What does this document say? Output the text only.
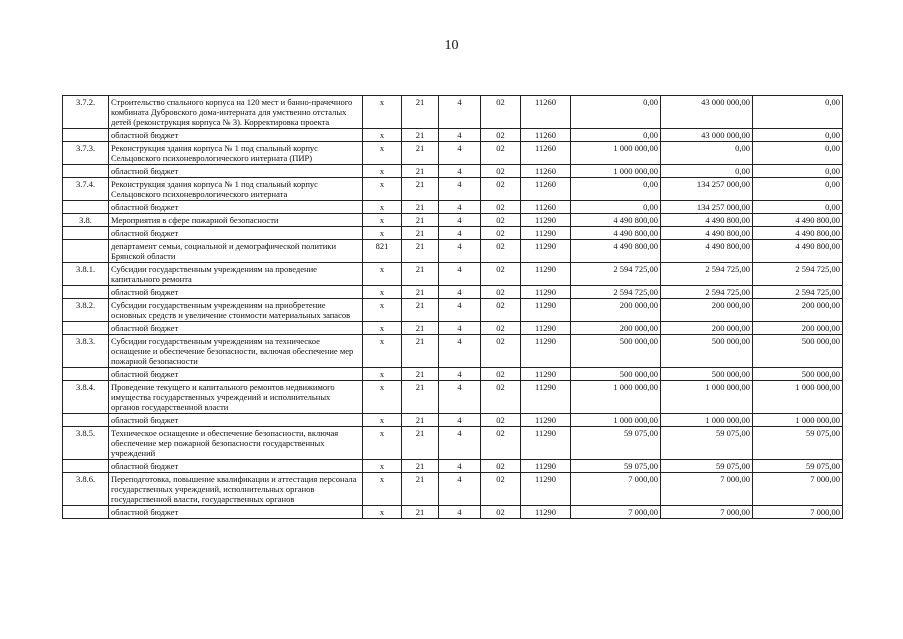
10
3.7.2.	Строительство спального корпуса на 120 мест и банно-прачечного комбината Дубровского дома-интерната для умственно отсталых детей (реконструкция корпуса № 3). Корректировка проекта	х	21	4	02	11260	0,00	43 000 000,00	0,00
	областной бюджет	х	21	4	02	11260	0,00	43 000 000,00	0,00
3.7.3.	Реконструкция здания корпуса № 1 под спальный корпус Сельцовского психоневрологического интерната (ПИР)	х	21	4	02	11260	1 000 000,00	0,00	0,00
	областной бюджет	х	21	4	02	11260	1 000 000,00	0,00	0,00
3.7.4.	Реконструкция здания корпуса № 1 под спальный корпус Сельцовского психоневрологического интерната	х	21	4	02	11260	0,00	134 257 000,00	0,00
	областной бюджет	х	21	4	02	11260	0,00	134 257 000,00	0,00
3.8.	Мероприятия в сфере пожарной безопасности	х	21	4	02	11290	4 490 800,00	4 490 800,00	4 490 800,00
	областной бюджет	х	21	4	02	11290	4 490 800,00	4 490 800,00	4 490 800,00
	департамент семьи, социальной и демографической политики Брянской области	821	21	4	02	11290	4 490 800,00	4 490 800,00	4 490 800,00
3.8.1.	Субсидии государственным учреждениям на проведение капитального ремонта	х	21	4	02	11290	2 594 725,00	2 594 725,00	2 594 725,00
	областной бюджет	х	21	4	02	11290	2 594 725,00	2 594 725,00	2 594 725,00
3.8.2.	Субсидии государственным учреждениям на приобретение основных средств и увеличение стоимости материальных запасов	х	21	4	02	11290	200 000,00	200 000,00	200 000,00
	областной бюджет	х	21	4	02	11290	200 000,00	200 000,00	200 000,00
3.8.3.	Субсидии государственным учреждениям на техническое оснащение и обеспечение безопасности, включая обеспечение мер пожарной безопасности	х	21	4	02	11290	500 000,00	500 000,00	500 000,00
	областной бюджет	х	21	4	02	11290	500 000,00	500 000,00	500 000,00
3.8.4.	Проведение текущего и капитального ремонтов недвижимого имущества государственных учреждений и исполнительных органов государственной власти	х	21	4	02	11290	1 000 000,00	1 000 000,00	1 000 000,00
	областной бюджет	х	21	4	02	11290	1 000 000,00	1 000 000,00	1 000 000,00
3.8.5.	Техническое оснащение и обеспечение безопасности, включая обеспечение мер пожарной безопасности государственных учреждений	х	21	4	02	11290	59 075,00	59 075,00	59 075,00
	областной бюджет	х	21	4	02	11290	59 075,00	59 075,00	59 075,00
3.8.6.	Переподготовка, повышение квалификации и аттестация персонала государственных учреждений, исполнительных органов государственной власти, государственных органов	х	21	4	02	11290	7 000,00	7 000,00	7 000,00
	областной бюджет	х	21	4	02	11290	7 000,00	7 000,00	7 000,00
